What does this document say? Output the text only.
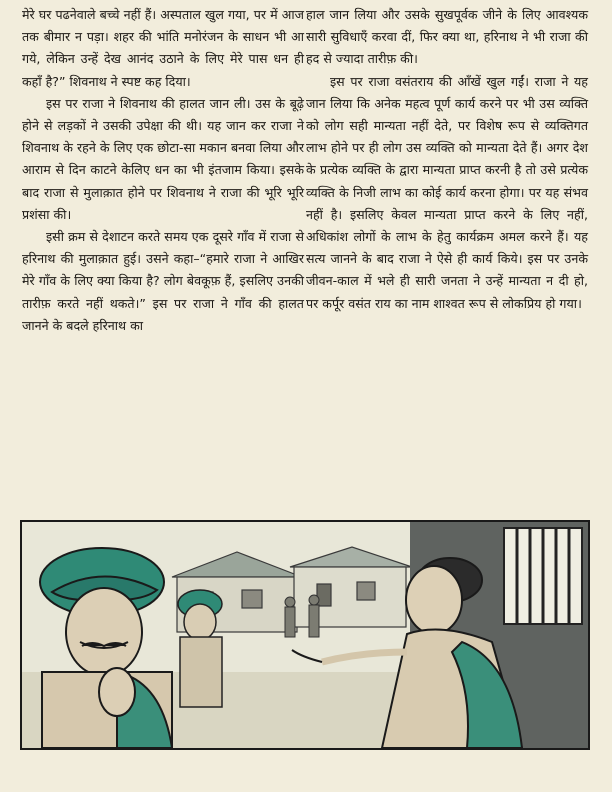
मेरे घर पढनेवाले बच्चे नहीं हैं। अस्पताल खुल गया, पर में आज तक बीमार न पड़ा। शहर की भांति मनोरंजन के साधन भी आ गये, लेकिन उन्हें देख आनंद उठाने के लिए मेरे पास धन ही कहाँ है?” शिवनाथ ने स्पष्ट कह दिया।

इस पर राजा ने शिवनाथ की हालत जान ली। उस के बूढ़े होने से लड़कों ने उसकी उपेक्षा की थी। यह जान कर राजा ने शिवनाथ के रहने के लिए एक छोटा-सा मकान बनवा लिया और आराम से दिन काटने केलिए धन का भी इंतजाम किया। इसके बाद राजा से मुलाक़ात होने पर शिवनाथ ने राजा की भूरि भूरि प्रशंसा की।

इसी क्रम से देशाटन करते समय एक दूसरे गाँव में राजा से हरिनाथ की मुलाक़ात हुई। उसने कहा–“हमारे राजा ने आखिर मेरे गाँव के लिए क्या किया है? लोग बेवकूफ़ हैं, इसलिए उनकी तारीफ़ करते नहीं थकते।” इस पर राजा ने गाँव की हालत जानने के बदले हरिनाथ का

हाल जान लिया और उसके सुखपूर्वक जीने के लिए आवश्यक सारी सुविधाएँ करवा दीं, फिर क्या था, हरिनाथ ने भी राजा की हद से ज्यादा तारीफ़ की।

इस पर राजा वसंतराय की आँखें खुल गईं। राजा ने यह जान लिया कि अनेक महत्व पूर्ण कार्य करने पर भी उस व्यक्ति को लोग सही मान्यता नहीं देते, पर विशेष रूप से व्यक्तिगत लाभ होने पर ही लोग उस व्यक्ति को मान्यता देते हैं। अगर देश के प्रत्येक व्यक्ति के द्वारा मान्यता प्राप्त करनी है तो उसे प्रत्येक व्यक्ति के निजी लाभ का कोई कार्य करना होगा। पर यह संभव नहीं है। इसलिए केवल मान्यता प्राप्त करने के लिए नहीं, अधिकांश लोगों के लाभ के हेतु कार्यक्रम अमल करने हैं। यह सत्य जानने के बाद राजा ने ऐसे ही कार्य किये। इस पर उनके जीवन-काल में भले ही सारी जनता ने उन्हें मान्यता न दी हो, पर कर्पूर वसंत राय का नाम शाश्वत रूप से लोकप्रिय हो गया।
